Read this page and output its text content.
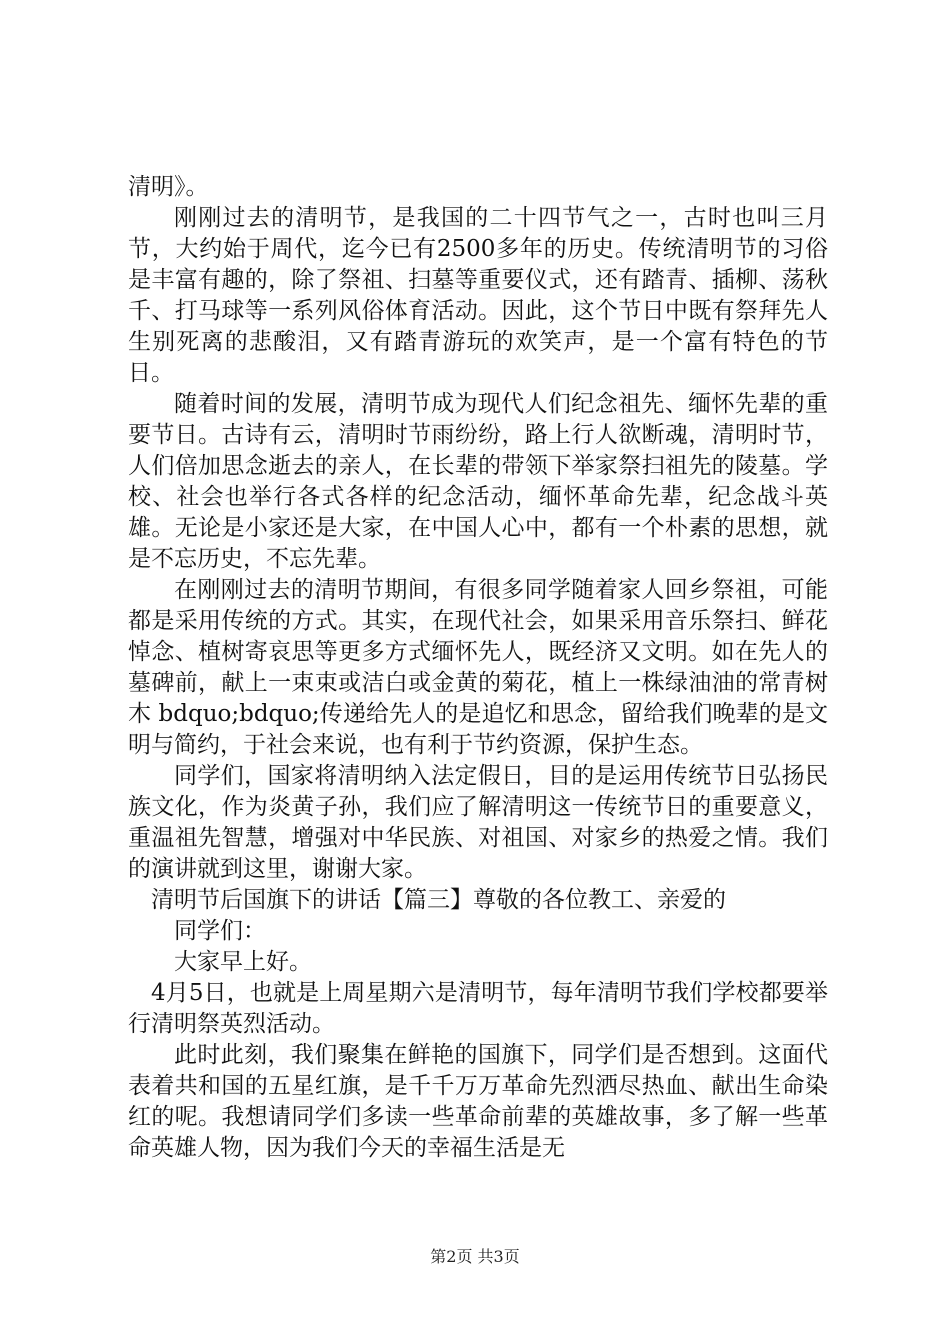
清明》。

刚刚过去的清明节，是我国的二十四节气之一，古时也叫三月节，大约始于周代，迄今已有2500多年的历史。传统清明节的习俗是丰富有趣的，除了祭祖、扫墓等重要仪式，还有踏青、插柳、荡秋千、打马球等一系列风俗体育活动。因此，这个节日中既有祭拜先人生别死离的悲酸泪，又有踏青游玩的欢笑声，是一个富有特色的节日。

随着时间的发展，清明节成为现代人们纪念祖先、缅怀先辈的重要节日。古诗有云，清明时节雨纷纷，路上行人欲断魂，清明时节，人们倍加思念逝去的亲人，在长辈的带领下举家祭扫祖先的陵墓。学校、社会也举行各式各样的纪念活动，缅怀革命先辈，纪念战斗英雄。无论是小家还是大家，在中国人心中，都有一个朴素的思想，就是不忘历史，不忘先辈。

在刚刚过去的清明节期间，有很多同学随着家人回乡祭祖，可能都是采用传统的方式。其实，在现代社会，如果采用音乐祭扫、鲜花悼念、植树寄哀思等更多方式缅怀先人，既经济又文明。如在先人的墓碑前，献上一束束或洁白或金黄的菊花，植上一株绿油油的常青树木 bdquo;bdquo;传递给先人的是追忆和思念，留给我们晚辈的是文明与简约，于社会来说，也有利于节约资源，保护生态。

同学们，国家将清明纳入法定假日，目的是运用传统节日弘扬民族文化，作为炎黄子孙，我们应了解清明这一传统节日的重要意义，重温祖先智慧，增强对中华民族、对祖国、对家乡的热爱之情。我们的演讲就到这里，谢谢大家。

清明节后国旗下的讲话【篇三】尊敬的各位教工、亲爱的

同学们：

大家早上好。

4月5日，也就是上周星期六是清明节，每年清明节我们学校都要举行清明祭英烈活动。

此时此刻，我们聚集在鲜艳的国旗下，同学们是否想到。这面代表着共和国的五星红旗，是千千万万革命先烈洒尽热血、献出生命染红的呢。我想请同学们多读一些革命前辈的英雄故事，多了解一些革命英雄人物，因为我们今天的幸福生活是无

第2页 共3页
